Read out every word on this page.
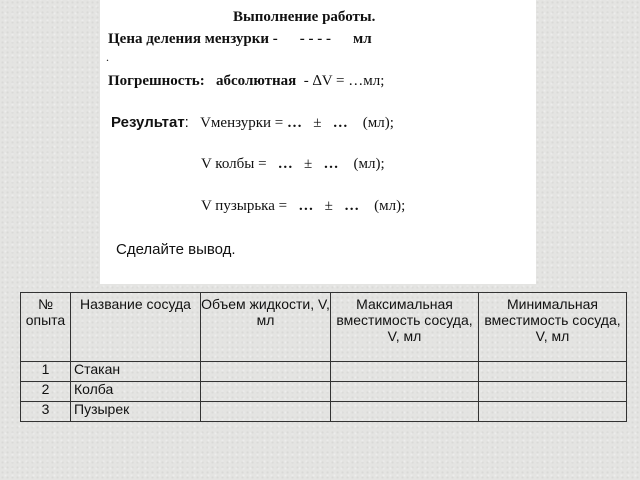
Выполнение работы.
Цена деления мензурки - - - - - мл
.
Погрешность: абсолютная - ∆V = …мл;
Результат: Vмензурки = … ± … (мл);
V колбы = … ± … (мл);
V пузырька = … ± … (мл);
Сделайте вывод.
№ опыта	Название сосуда	Объем жидкости, V, мл	Максимальная вместимость сосуда, V, мл	Минимальная вместимость сосуда, V, мл
1	Стакан			
2	Колба			
3	Пузырек			
